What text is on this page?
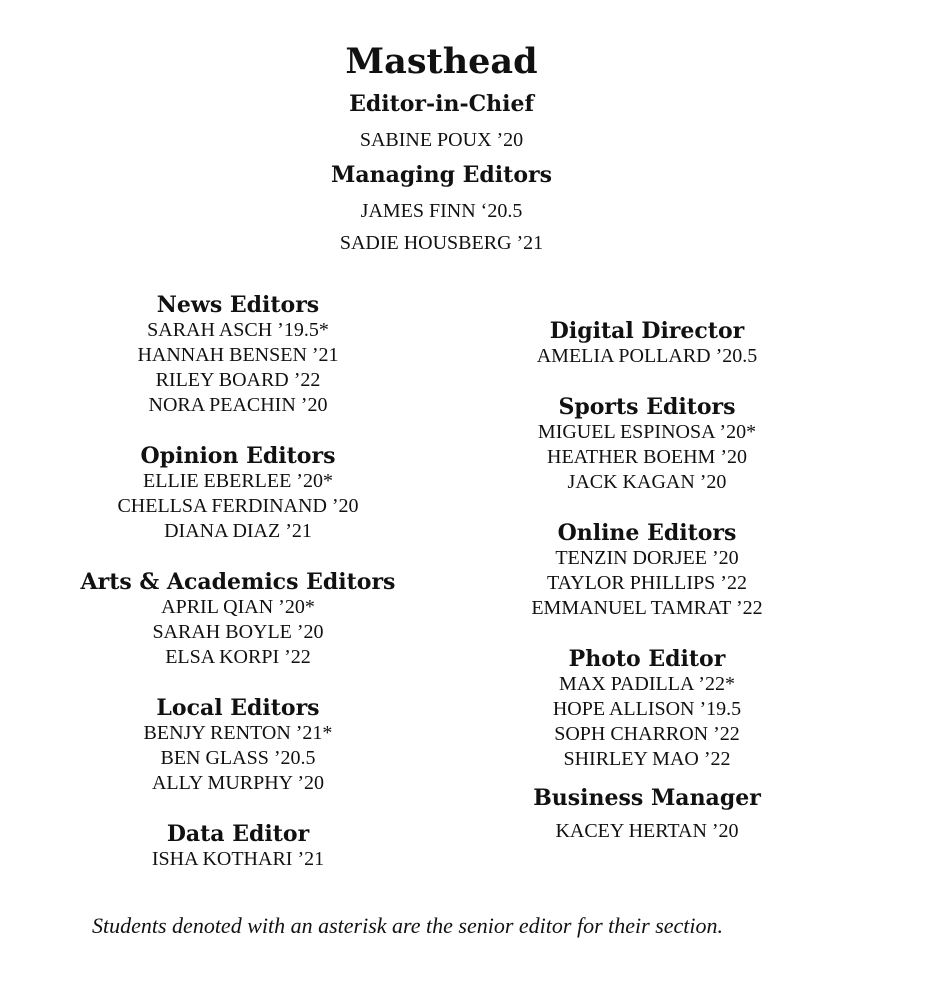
Masthead
Editor-in-Chief
SABINE POUX ’20
Managing Editors
JAMES FINN ‘20.5
SADIE HOUSBERG ’21
News Editors
SARAH ASCH ’19.5*
HANNAH BENSEN ’21
RILEY BOARD ’22
NORA PEACHIN ’20
Opinion Editors
ELLIE EBERLEE ’20*
CHELLSA FERDINAND ’20
DIANA DIAZ ’21
Arts & Academics Editors
APRIL QIAN ’20*
SARAH BOYLE ’20
ELSA KORPI ’22
Local Editors
BENJY RENTON ’21*
BEN GLASS ’20.5
ALLY MURPHY ’20
Data Editor
ISHA KOTHARI ’21
Digital Director
AMELIA POLLARD ’20.5
Sports Editors
MIGUEL ESPINOSA ’20*
HEATHER BOEHM ’20
JACK KAGAN ’20
Online Editors
TENZIN DORJEE ’20
TAYLOR PHILLIPS ’22
EMMANUEL TAMRAT ’22
Photo Editor
MAX PADILLA ’22*
HOPE ALLISON ’19.5
SOPH CHARRON ’22
SHIRLEY MAO ’22
Business Manager
KACEY HERTAN ’20
Students denoted with an asterisk are the senior editor for their section.
